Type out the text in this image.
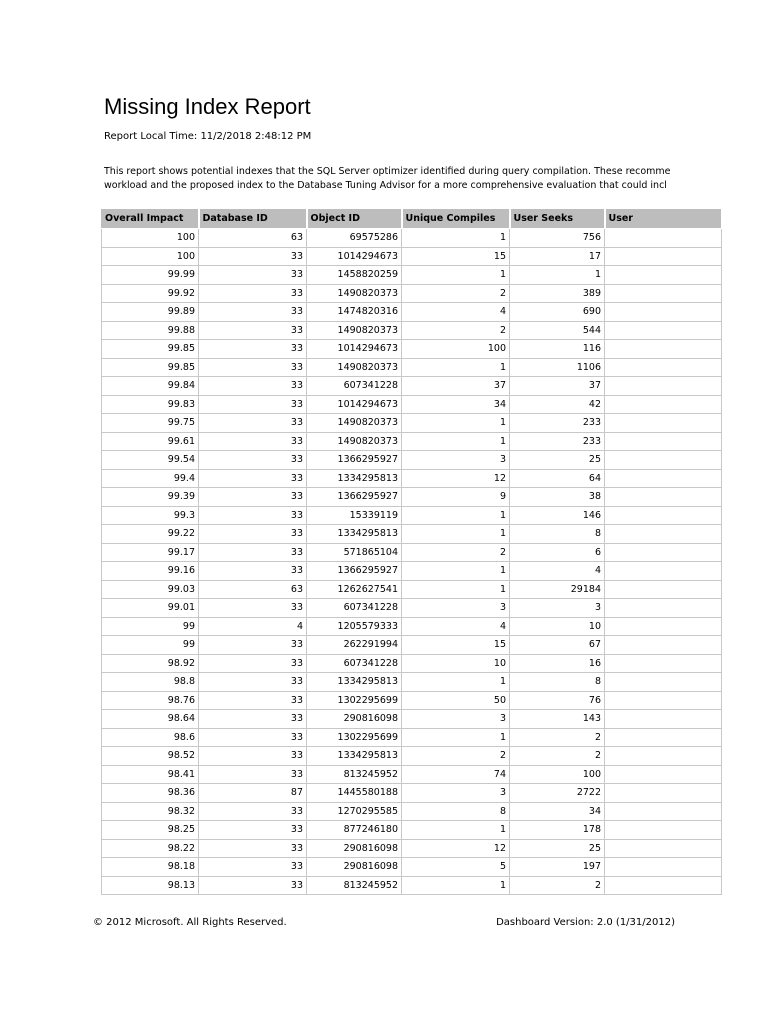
Missing Index Report
Report Local Time: 11/2/2018 2:48:12 PM
This report shows potential indexes that the SQL Server optimizer identified during query compilation. These recomme
workload and the proposed index to the Database Tuning Advisor for a more comprehensive evaluation that could incl
Overall Impact	Database ID	Object ID	Unique Compiles	User Seeks	User
100	63	69575286	1	756	
100	33	1014294673	15	17	
99.99	33	1458820259	1	1	
99.92	33	1490820373	2	389	
99.89	33	1474820316	4	690	
99.88	33	1490820373	2	544	
99.85	33	1014294673	100	116	
99.85	33	1490820373	1	1106	
99.84	33	607341228	37	37	
99.83	33	1014294673	34	42	
99.75	33	1490820373	1	233	
99.61	33	1490820373	1	233	
99.54	33	1366295927	3	25	
99.4	33	1334295813	12	64	
99.39	33	1366295927	9	38	
99.3	33	15339119	1	146	
99.22	33	1334295813	1	8	
99.17	33	571865104	2	6	
99.16	33	1366295927	1	4	
99.03	63	1262627541	1	29184	
99.01	33	607341228	3	3	
99	4	1205579333	4	10	
99	33	262291994	15	67	
98.92	33	607341228	10	16	
98.8	33	1334295813	1	8	
98.76	33	1302295699	50	76	
98.64	33	290816098	3	143	
98.6	33	1302295699	1	2	
98.52	33	1334295813	2	2	
98.41	33	813245952	74	100	
98.36	87	1445580188	3	2722	
98.32	33	1270295585	8	34	
98.25	33	877246180	1	178	
98.22	33	290816098	12	25	
98.18	33	290816098	5	197	
98.13	33	813245952	1	2	
© 2012 Microsoft. All Rights Reserved.	Dashboard Version: 2.0 (1/31/2012)
